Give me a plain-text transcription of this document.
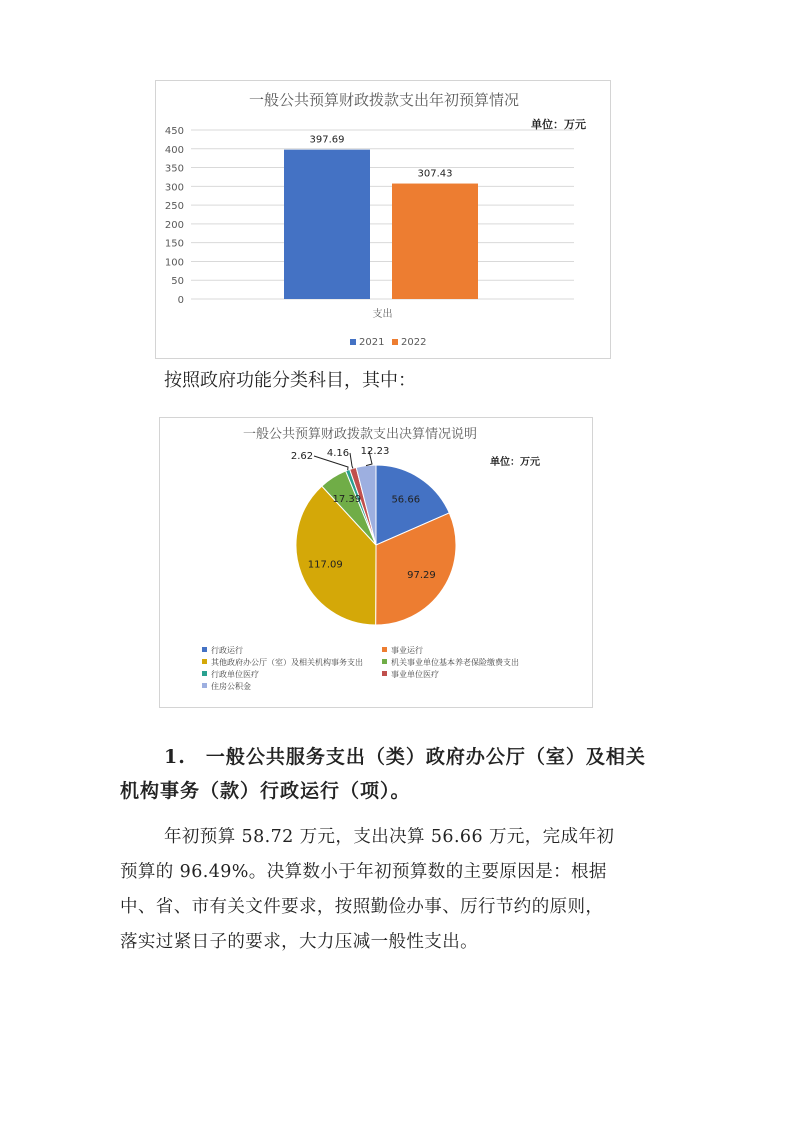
一般公共预算财政拨款支出年初预算情况
单位：万元
0
50
100
150
200
250
300
350
400
450
397.69
307.43
支出
2021 2022
按照政府功能分类科目，其中：
一般公共预算财政拨款支出决算情况说明
单位：万元
56.66
97.29
117.09
17.39
2.62 4.16 12.23
行政运行	事业运行
其他政府办公厅（室）及相关机构事务支出	机关事业单位基本养老保险缴费支出
行政单位医疗	事业单位医疗
住房公积金
1.　一般公共服务支出（类）政府办公厅（室）及相关
机构事务（款）行政运行（项）。
年初预算 58.72 万元，支出决算 56.66 万元，完成年初
预算的 96.49%。决算数小于年初预算数的主要原因是：根据
中、省、市有关文件要求，按照勤俭办事、厉行节约的原则，
落实过紧日子的要求，大力压减一般性支出。
